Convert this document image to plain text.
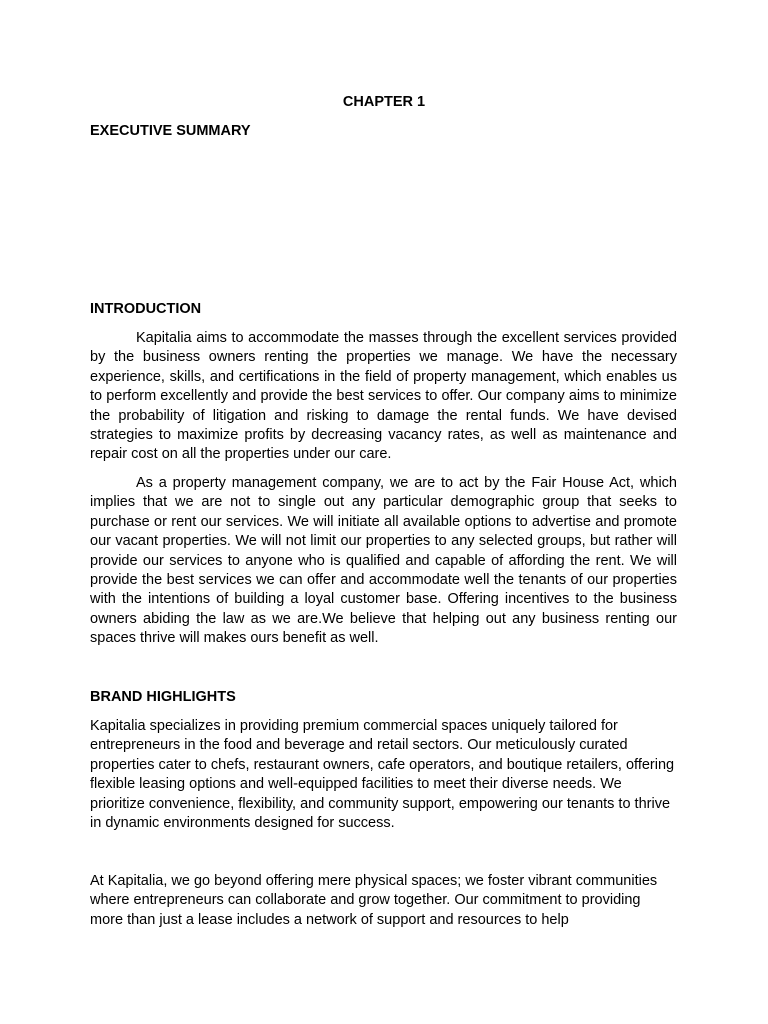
CHAPTER 1
EXECUTIVE SUMMARY
INTRODUCTION

Kapitalia aims to accommodate the masses through the excellent services provided by the business owners renting the properties we manage. We have the necessary experience, skills, and certifications in the field of property management, which enables us to perform excellently and provide the best services to offer. Our company aims to minimize the probability of litigation and risking to damage the rental funds. We have devised strategies to maximize profits by decreasing vacancy rates, as well as maintenance and repair cost on all the properties under our care.

As a property management company, we are to act by the Fair House Act, which implies that we are not to single out any particular demographic group that seeks to purchase or rent our services. We will initiate all available options to advertise and promote our vacant properties. We will not limit our properties to any selected groups, but rather will provide our services to anyone who is qualified and capable of affording the rent. We will provide the best services we can offer and accommodate well the tenants of our properties with the intentions of building a loyal customer base. Offering incentives to the business owners abiding the law as we are.We believe that helping out any business renting our spaces thrive will makes ours benefit as well.

BRAND HIGHLIGHTS

Kapitalia specializes in providing premium commercial spaces uniquely tailored for entrepreneurs in the food and beverage and retail sectors. Our meticulously curated properties cater to chefs, restaurant owners, cafe operators, and boutique retailers, offering flexible leasing options and well-equipped facilities to meet their diverse needs. We prioritize convenience, flexibility, and community support, empowering our tenants to thrive in dynamic environments designed for success.

At Kapitalia, we go beyond offering mere physical spaces; we foster vibrant communities where entrepreneurs can collaborate and grow together. Our commitment to providing more than just a lease includes a network of support and resources to help
